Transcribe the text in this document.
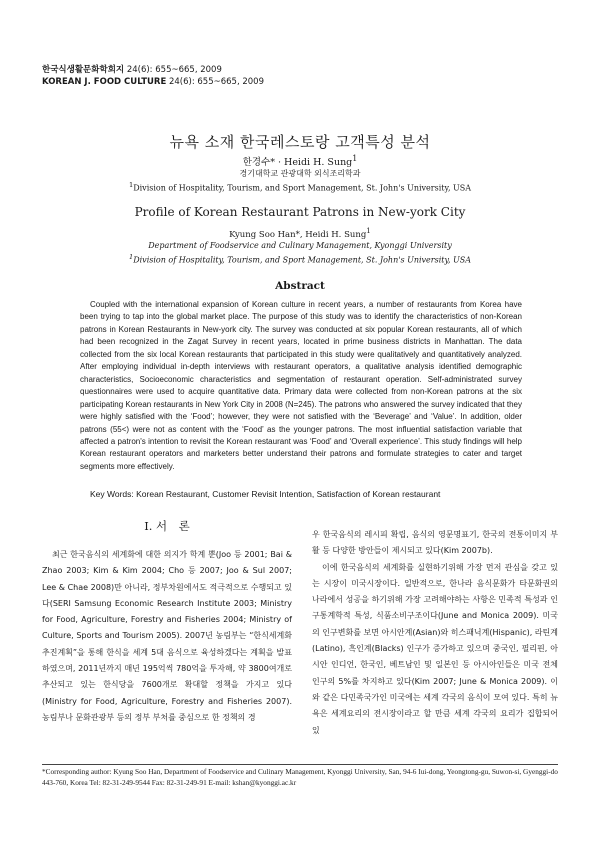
한국식생활문화학회지 24(6): 655~665, 2009
KOREAN J. FOOD CULTURE 24(6): 655~665, 2009
뉴욕 소재 한국레스토랑 고객특성 분석
한경수* · Heidi H. Sung$^1$
경기대학교 관광대학 외식조리학과
$^1$Division of Hospitality, Tourism, and Sport Management, St. John's University, USA
Profile of Korean Restaurant Patrons in New-york City
Kyung Soo Han*, Heidi H. Sung$^1$
Department of Foodservice and Culinary Management, Kyonggi University
$^1$Division of Hospitality, Tourism, and Sport Management, St. John's University, USA
Abstract

Coupled with the international expansion of Korean culture in recent years, a number of restaurants from Korea have been trying to tap into the global market place. The purpose of this study was to identify the characteristics of non-Korean patrons in Korean Restaurants in New-york city. The survey was conducted at six popular Korean restaurants, all of which had been recognized in the Zagat Survey in recent years, located in prime business districts in Manhattan. The data collected from the six local Korean restaurants that participated in this study were qualitatively and quantitatively analyzed. After employing individual in-depth interviews with restaurant operators, a qualitative analysis identified demographic characteristics, Socioeconomic characteristics and segmentation of restaurant operation. Self-administrated survey questionnaires were used to acquire quantitative data. Primary data were collected from non-Korean patrons at the six participating Korean restaurants in New York City in 2008 (N=245). The patrons who answered the survey indicated that they were highly satisfied with the ‘Food’; however, they were not satisfied with the ‘Beverage’ and ‘Value’. In addition, older patrons (55<) were not as content with the ‘Food’ as the younger patrons. The most influential satisfaction variable that affected a patron's intention to revisit the Korean restaurant was ‘Food’ and ‘Overall experience’. This study findings will help Korean restaurant operators and marketers better understand their patrons and formulate strategies to cater and target segments more effectively.

Key Words: Korean Restaurant, Customer Revisit Intention, Satisfaction of Korean restaurant
I. 서　론

최근 한국음식의 세계화에 대한 의지가 학계 뿐(Joo 등 2001; Bai & Zhao 2003; Kim & Kim 2004; Cho 등 2007; Joo & Sul 2007; Lee & Chae 2008)만 아니라, 정부차원에서도 적극적으로 수행되고 있다(SERI Samsung Economic Research Institute 2003; Ministry for Food, Agriculture, Forestry and Fisheries 2004; Ministry of Culture, Sports and Tourism 2005). 2007년 농림부는 “한식세계화 추진계획”을 통해 한식을 세계 5대 음식으로 육성하겠다는 계획을 발표하였으며, 2011년까지 매년 195억씩 780억을 투자해, 약 3800여개로 추산되고 있는 한식당을 7600개로 확대할 정책을 가지고 있다(Ministry for Food, Agriculture, Forestry and Fisheries 2007). 농림부나 문화관광부 등의 정부 부처를 중심으로 한 정책의 경

우 한국음식의 레시피 확립, 음식의 영문명표기, 한국의 전통이미지 부활 등 다양한 방안들이 제시되고 있다(Kim 2007b).

이에 한국음식의 세계화를 실현하기위해 가장 먼저 관심을 갖고 있는 시장이 미국시장이다. 일반적으로, 한나라 음식문화가 타문화권의 나라에서 성공을 하기위해 가장 고려해야하는 사항은 민족적 특성과 인구통계학적 특성, 식품소비구조이다(June and Monica 2009). 미국의 인구변화를 보면 아시안계(Asian)와 히스패닉계(Hispanic), 라틴계(Latino), 흑인계(Blacks) 인구가 증가하고 있으며 중국인, 필리핀, 아시안 인디언, 한국인, 베트남인 및 일본인 등 아시아인들은 미국 전체 인구의 5%를 차지하고 있다(Kim 2007; June & Monica 2009). 이와 같은 다민족국가인 미국에는 세계 각국의 음식이 모여 있다. 특히 뉴욕은 세계요리의 전시장이라고 할 만큼 세계 각국의 요리가 집합되어 있

*Corresponding author: Kyung Soo Han, Department of Foodservice and Culinary Management, Kyonggi University, San, 94-6 Iui-dong, Yeongtong-gu, Suwon-si, Gyenggi-do 443-760, Korea Tel: 82-31-249-9544 Fax: 82-31-249-91 E-mail: kshan@kyonggi.ac.kr
